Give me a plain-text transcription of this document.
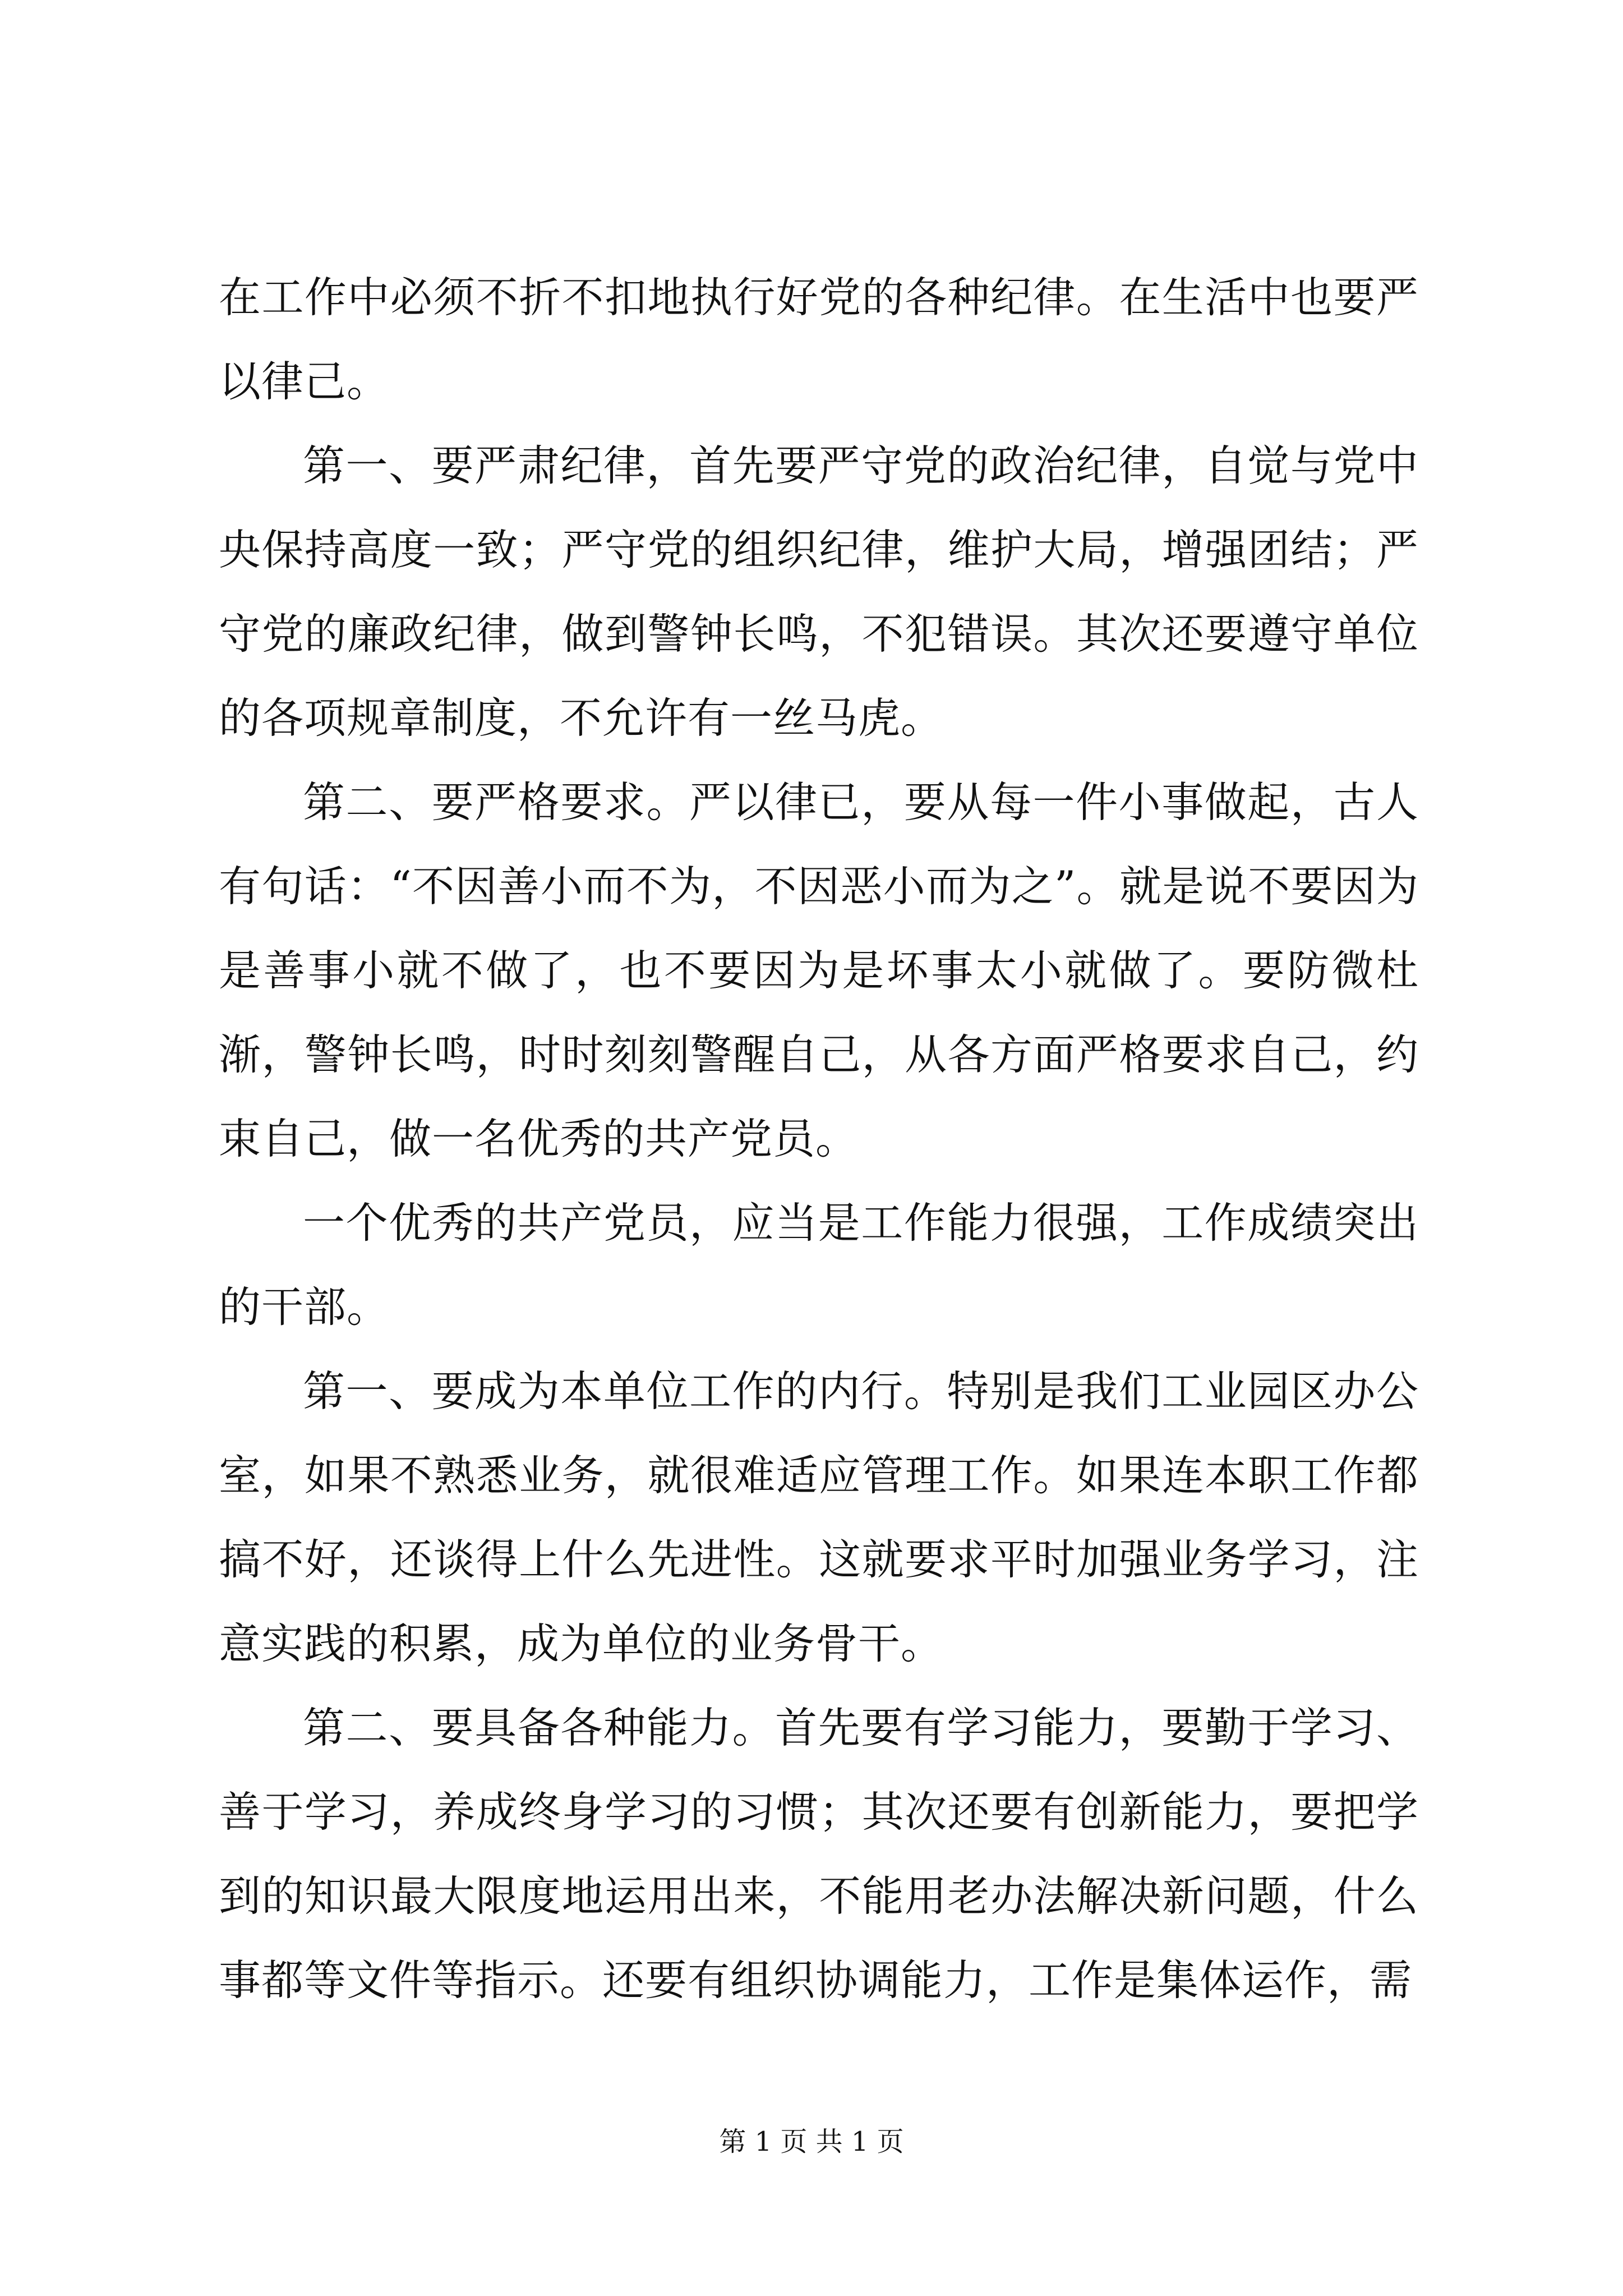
在工作中必须不折不扣地执行好党的各种纪律。在生活中也要严以律己。

第一、要严肃纪律，首先要严守党的政治纪律，自觉与党中央保持高度一致；严守党的组织纪律，维护大局，增强团结；严守党的廉政纪律，做到警钟长鸣，不犯错误。其次还要遵守单位的各项规章制度，不允许有一丝马虎。

第二、要严格要求。严以律已，要从每一件小事做起，古人有句话：“不因善小而不为，不因恶小而为之”。就是说不要因为是善事小就不做了，也不要因为是坏事太小就做了。要防微杜渐，警钟长鸣，时时刻刻警醒自己，从各方面严格要求自己，约束自己，做一名优秀的共产党员。

一个优秀的共产党员，应当是工作能力很强，工作成绩突出的干部。

第一、要成为本单位工作的内行。特别是我们工业园区办公室，如果不熟悉业务，就很难适应管理工作。如果连本职工作都搞不好，还谈得上什么先进性。这就要求平时加强业务学习，注意实践的积累，成为单位的业务骨干。

第二、要具备各种能力。首先要有学习能力，要勤于学习、善于学习，养成终身学习的习惯；其次还要有创新能力，要把学到的知识最大限度地运用出来，不能用老办法解决新问题，什么事都等文件等指示。还要有组织协调能力，工作是集体运作，需

第 1 页 共 1 页
